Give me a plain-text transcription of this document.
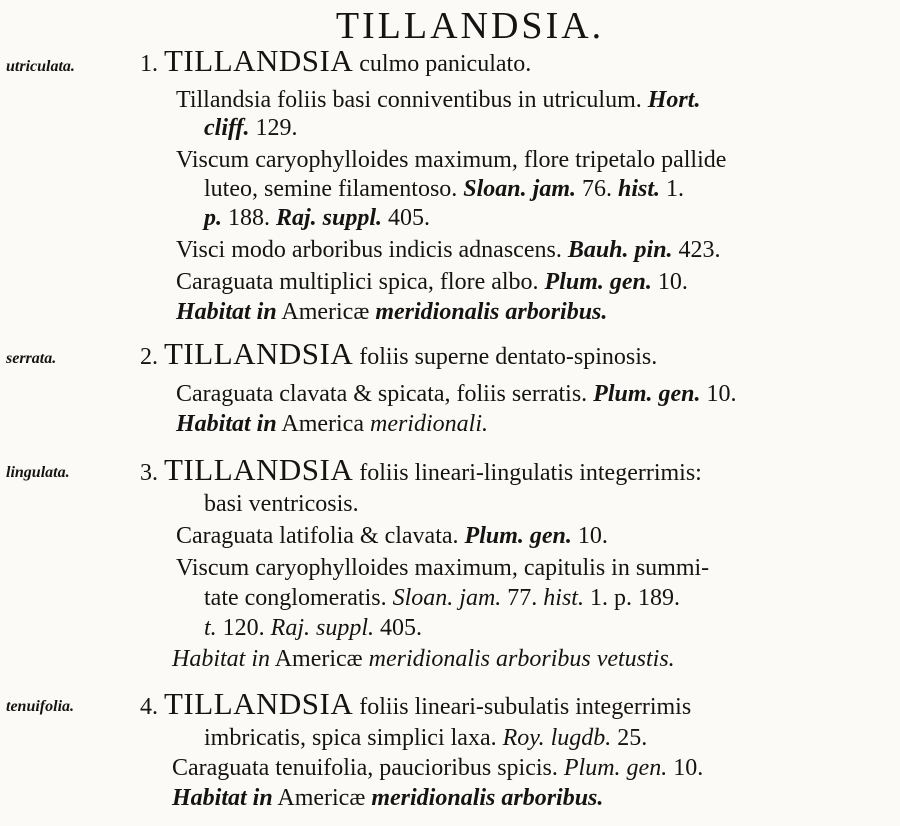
TILLANDSIA.
utriculata.	1. TILLANDSIA culmo paniculato.
Tillandsia foliis basi conniventibus in utriculum. Hort.
cliff. 129.
Viscum caryophylloides maximum, flore tripetalo pallide
luteo, semine filamentoso. Sloan. jam. 76. hist. 1.
p. 188. Raj. suppl. 405.
Visci modo arboribus indicis adnascens. Bauh. pin. 423.
Caraguata multiplici spica, flore albo. Plum. gen. 10.
Habitat in Americæ meridionalis arboribus.
serrata.	2. TILLANDSIA foliis superne dentato-spinosis.
Caraguata clavata & spicata, foliis serratis. Plum. gen. 10.
Habitat in America meridionali.
lingulata.	3. TILLANDSIA foliis lineari-lingulatis integerrimis:
basi ventricosis.
Caraguata latifolia & clavata. Plum. gen. 10.
Viscum caryophylloides maximum, capitulis in summi-
tate conglomeratis. Sloan. jam. 77. hist. 1. p. 189.
t. 120. Raj. suppl. 405.
Habitat in Americæ meridionalis arboribus vetustis.
tenuifolia.	4. TILLANDSIA foliis lineari-subulatis integerrimis
imbricatis, spica simplici laxa. Roy. lugdb. 25.
Caraguata tenuifolia, paucioribus spicis. Plum. gen. 10.
Habitat in Americæ meridionalis arboribus.
